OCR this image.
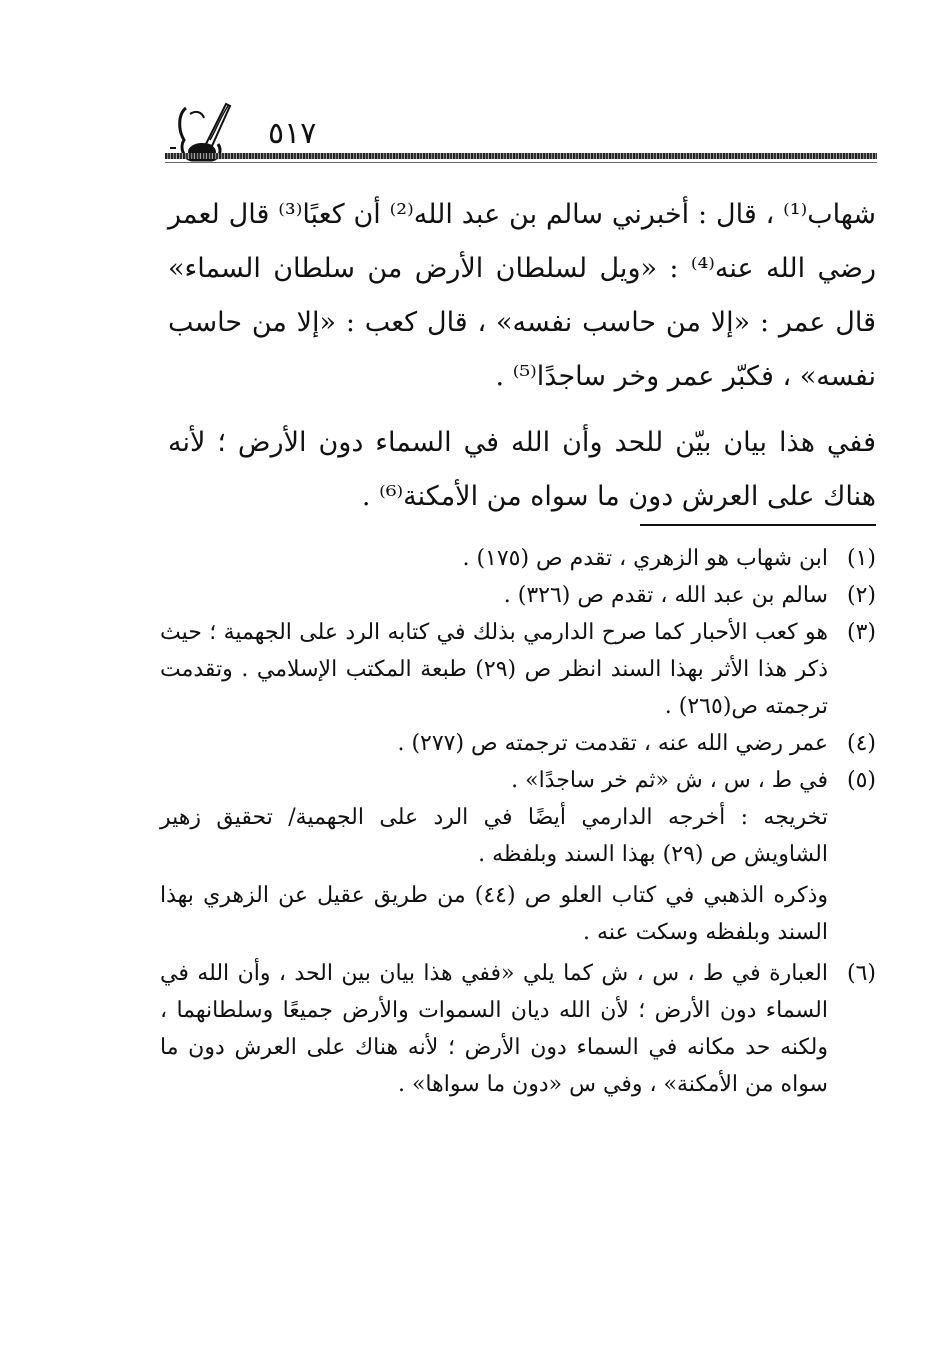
٥١٧

شهاب⁽¹⁾ ، قال : أخبرني سالم بن عبد الله⁽²⁾ أن كعبًا⁽³⁾ قال لعمر رضي الله عنه⁽⁴⁾ : «ويل لسلطان الأرض من سلطان السماء» قال عمر : «إلا من حاسب نفسه» ، قال كعب : «إلا من حاسب نفسه» ، فكبّر عمر وخر ساجدًا⁽⁵⁾ .

ففي هذا بيان بيّن للحد وأن الله في السماء دون الأرض ؛ لأنه هناك على العرش دون ما سواه من الأمكنة⁽⁶⁾ .

(١)
ابن شهاب هو الزهري ، تقدم ص (١٧٥) .
(٢)
سالم بن عبد الله ، تقدم ص (٣٢٦) .
(٣)
هو كعب الأحبار كما صرح الدارمي بذلك في كتابه الرد على الجهمية ؛ حيث ذكر هذا الأثر بهذا السند انظر ص (٢٩) طبعة المكتب الإسلامي . وتقدمت ترجمته ص(٢٦٥) .
(٤)
عمر رضي الله عنه ، تقدمت ترجمته ص (٢٧٧) .
(٥)
في ط ، س ، ش «ثم خر ساجدًا» .

تخريجه : أخرجه الدارمي أيضًا في الرد على الجهمية/ تحقيق زهير الشاويش ص (٢٩) بهذا السند وبلفظه .

وذكره الذهبي في كتاب العلو ص (٤٤) من طريق عقيل عن الزهري بهذا السند وبلفظه وسكت عنه .

(٦)
العبارة في ط ، س ، ش كما يلي «ففي هذا بيان بين الحد ، وأن الله في السماء دون الأرض ؛ لأن الله ديان السموات والأرض جميعًا وسلطانهما ، ولكنه حد مكانه في السماء دون الأرض ؛ لأنه هناك على العرش دون ما سواه من الأمكنة» ، وفي س «دون ما سواها» .
